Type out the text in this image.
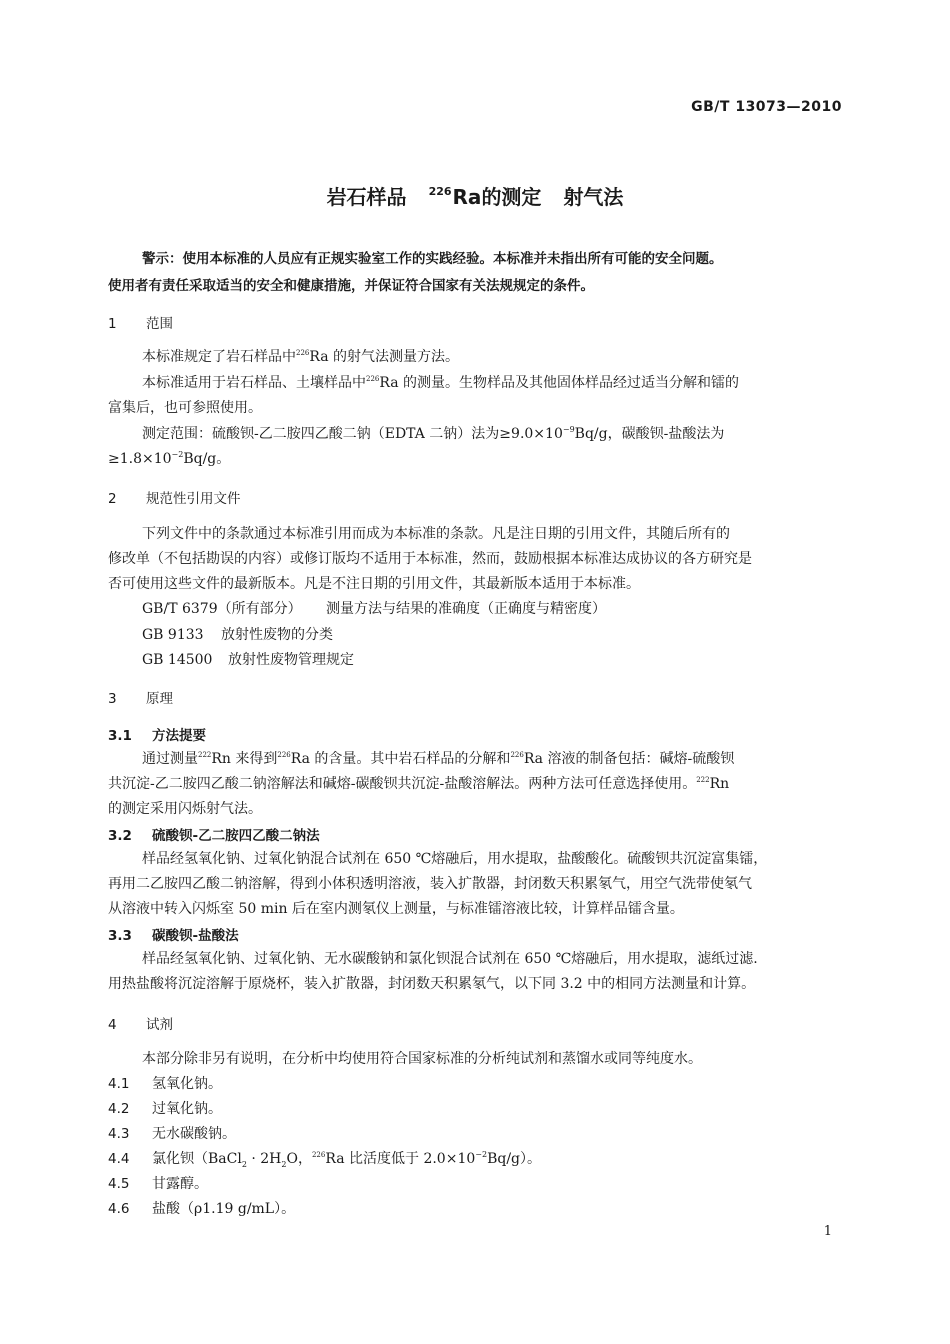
GB/T 13073—2010
岩石样品 $^{226}$Ra的测定 射气法
警示：使用本标准的人员应有正规实验室工作的实践经验。本标准并未指出所有可能的安全问题。
使用者有责任采取适当的安全和健康措施，并保证符合国家有关法规规定的条件。
1 范围
本标准规定了岩石样品中$^{226}$Ra 的射气法测量方法。
本标准适用于岩石样品、土壤样品中$^{226}$Ra 的测量。生物样品及其他固体样品经过适当分解和镭的
富集后，也可参照使用。
测定范围：硫酸钡-乙二胺四乙酸二钠（EDTA 二钠）法为$\ge 9.0\times 10^{-9}Bq/g$，碳酸钡-盐酸法为
$\ge 1.8\times 10^{-2}Bq/g$。
2 规范性引用文件
下列文件中的条款通过本标准引用而成为本标准的条款。凡是注日期的引用文件，其随后所有的
修改单（不包括勘误的内容）或修订版均不适用于本标准，然而，鼓励根据本标准达成协议的各方研究是
否可使用这些文件的最新版本。凡是不注日期的引用文件，其最新版本适用于本标准。
GB/T 6379（所有部分） 测量方法与结果的准确度（正确度与精密度）
GB 9133 放射性废物的分类
GB 14500 放射性废物管理规定
3 原理
3.1 方法提要
通过测量$^{222}$Rn 来得到$^{226}$Ra 的含量。其中岩石样品的分解和$^{226}$Ra 溶液的制备包括：碱熔-硫酸钡
共沉淀-乙二胺四乙酸二钠溶解法和碱熔-碳酸钡共沉淀-盐酸溶解法。两种方法可任意选择使用。$^{222}$Rn
的测定采用闪烁射气法。
3.2 硫酸钡-乙二胺四乙酸二钠法
样品经氢氧化钠、过氧化钠混合试剂在 650 ℃熔融后，用水提取，盐酸酸化。硫酸钡共沉淀富集镭，
再用二乙胺四乙酸二钠溶解，得到小体积透明溶液，装入扩散器，封闭数天积累氡气，用空气洗带使氡气
从溶液中转入闪烁室 50 min 后在室内测氡仪上测量，与标准镭溶液比较，计算样品镭含量。
3.3 碳酸钡-盐酸法
样品经氢氧化钠、过氧化钠、无水碳酸钠和氯化钡混合试剂在 650 ℃熔融后，用水提取，滤纸过滤.
用热盐酸将沉淀溶解于原烧杯，装入扩散器，封闭数天积累氡气，以下同 3.2 中的相同方法测量和计算。
4 试剂
本部分除非另有说明，在分析中均使用符合国家标准的分析纯试剂和蒸馏水或同等纯度水。
4.1 氢氧化钠。
4.2 过氧化钠。
4.3 无水碳酸钠。
4.4 氯化钡（BaCl$_2$ · $2H_2O$，$^{226}$Ra 比活度低于 $2.0\times 10^{-2}Bq/g$）。
4.5 甘露醇。
4.6 盐酸（ρ1.19 g/mL）。
1
